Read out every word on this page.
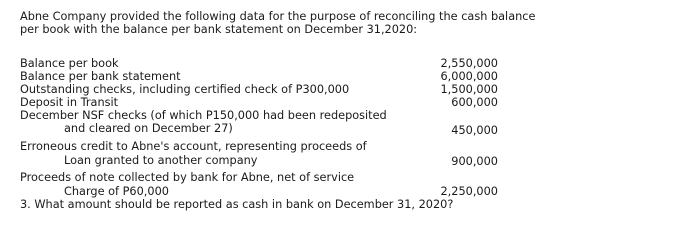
Abne Company provided the following data for the purpose of reconciling the cash balance
per book with the balance per bank statement on December 31,2020:
Balance per book	2,550,000
Balance per bank statement	6,000,000
Outstanding checks, including certified check of P300,000	1,500,000
Deposit in Transit	600,000
December NSF checks (of which P150,000 had been redeposited
and cleared on December 27)	450,000
Erroneous credit to Abne's account, representing proceeds of
Loan granted to another company	900,000
Proceeds of note collected by bank for Abne, net of service
Charge of P60,000	2,250,000
3. What amount should be reported as cash in bank on December 31, 2020?
